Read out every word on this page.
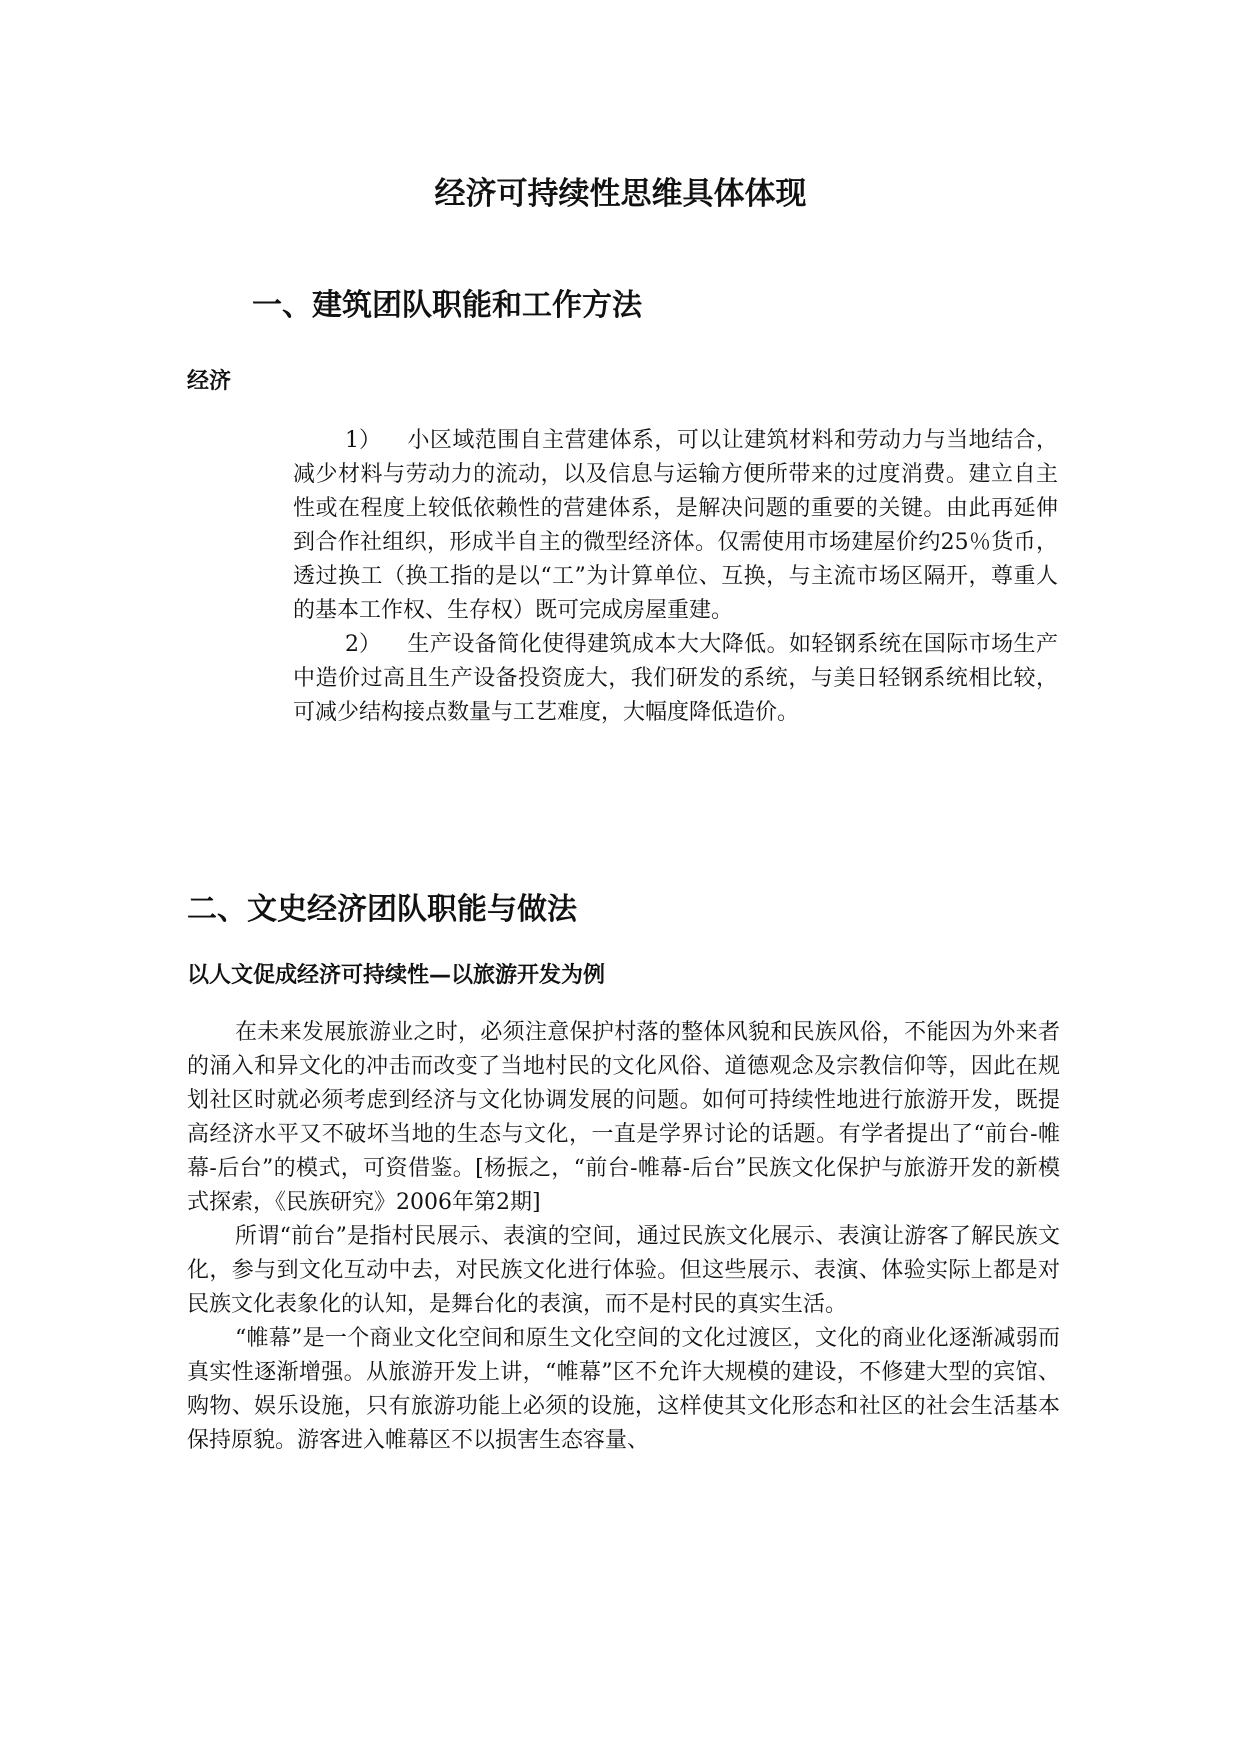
经济可持续性思维具体体现
一、建筑团队职能和工作方法
经济

1） 小区域范围自主营建体系，可以让建筑材料和劳动力与当地结合，减少材料与劳动力的流动，以及信息与运输方便所带来的过度消费。建立自主性或在程度上较低依赖性的营建体系，是解决问题的重要的关键。由此再延伸到合作社组织，形成半自主的微型经济体。仅需使用市场建屋价约25％货币，透过换工（换工指的是以“工”为计算单位、互换，与主流市场区隔开，尊重人的基本工作权、生存权）既可完成房屋重建。

2） 生产设备简化使得建筑成本大大降低。如轻钢系统在国际市场生产中造价过高且生产设备投资庞大，我们研发的系统，与美日轻钢系统相比较，可减少结构接点数量与工艺难度，大幅度降低造价。

二、文史经济团队职能与做法
以人文促成经济可持续性—以旅游开发为例

在未来发展旅游业之时，必须注意保护村落的整体风貌和民族风俗，不能因为外来者的涌入和异文化的冲击而改变了当地村民的文化风俗、道德观念及宗教信仰等，因此在规划社区时就必须考虑到经济与文化协调发展的问题。如何可持续性地进行旅游开发，既提高经济水平又不破坏当地的生态与文化，一直是学界讨论的话题。有学者提出了“前台-帷幕-后台”的模式，可资借鉴。[杨振之，“前台-帷幕-后台”民族文化保护与旅游开发的新模式探索，《民族研究》2006年第2期]

所谓“前台”是指村民展示、表演的空间，通过民族文化展示、表演让游客了解民族文化，参与到文化互动中去，对民族文化进行体验。但这些展示、表演、体验实际上都是对民族文化表象化的认知，是舞台化的表演，而不是村民的真实生活。

“帷幕”是一个商业文化空间和原生文化空间的文化过渡区，文化的商业化逐渐减弱而真实性逐渐增强。从旅游开发上讲，“帷幕”区不允许大规模的建设，不修建大型的宾馆、购物、娱乐设施，只有旅游功能上必须的设施，这样使其文化形态和社区的社会生活基本保持原貌。游客进入帷幕区不以损害生态容量、
